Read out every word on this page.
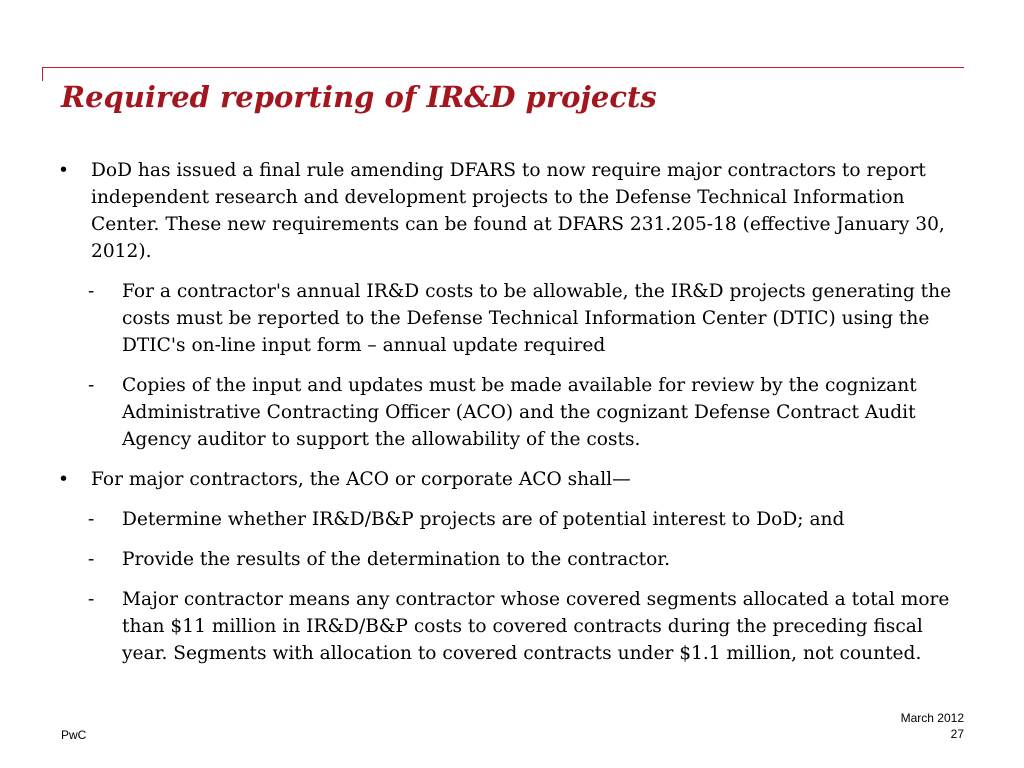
Required reporting of IR&D projects
• DoD has issued a final rule amending DFARS to now require major contractors to report independent research and development projects to the Defense Technical Information Center. These new requirements can be found at DFARS 231.205-18 (effective January 30, 2012).
- For a contractor's annual IR&D costs to be allowable, the IR&D projects generating the costs must be reported to the Defense Technical Information Center (DTIC) using the DTIC's on-line input form – annual update required
- Copies of the input and updates must be made available for review by the cognizant Administrative Contracting Officer (ACO) and the cognizant Defense Contract Audit Agency auditor to support the allowability of the costs.
• For major contractors, the ACO or corporate ACO shall—
- Determine whether IR&D/B&P projects are of potential interest to DoD; and
- Provide the results of the determination to the contractor.
- Major contractor means any contractor whose covered segments allocated a total more than $11 million in IR&D/B&P costs to covered contracts during the preceding fiscal year. Segments with allocation to covered contracts under $1.1 million, not counted.
PwC
March 2012
27
